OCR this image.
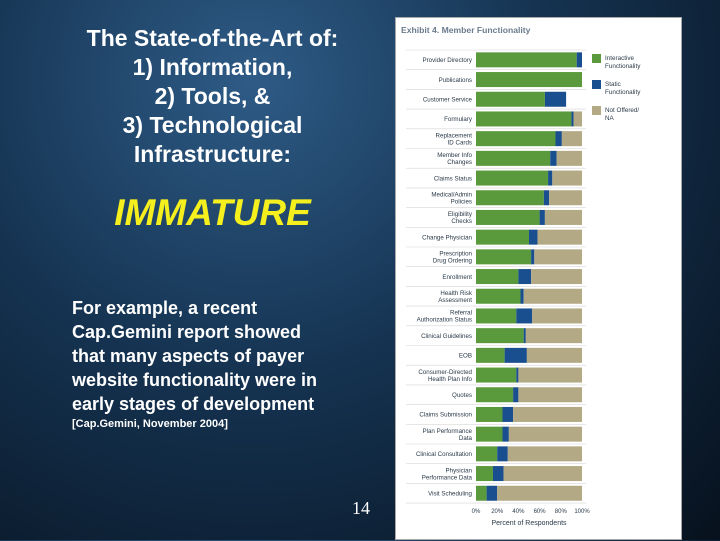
The State-of-the-Art of:
1) Information,
2) Tools, &
3) Technological
Infrastructure:
IMMATURE
For example, a recent
Cap.Gemini report showed
that many aspects of payer
website functionality were in
early stages of development
[Cap.Gemini, November 2004]
14
Exhibit 4. Member Functionality
Provider Directory
Publications
Customer Service
Formulary
Replacement
ID Cards
Member Info
Changes
Claims Status
Medical/Admin
Policies
Eligibility
Checks
Change Physician
Prescription
Drug Ordering
Enrollment
Health Risk
Assessment
Referral
Authorization Status
Clinical Guidelines
EOB
Consumer-Directed
Health Plan Info
Quotes
Claims Submission
Plan Performance
Data
Clinical Consultation
Physician
Performance Data
Visit Scheduling
0% 20% 40% 60% 80% 100%
Percent of Respondents
Interactive
Functionality
Static
Functionality
Not Offered/
NA
